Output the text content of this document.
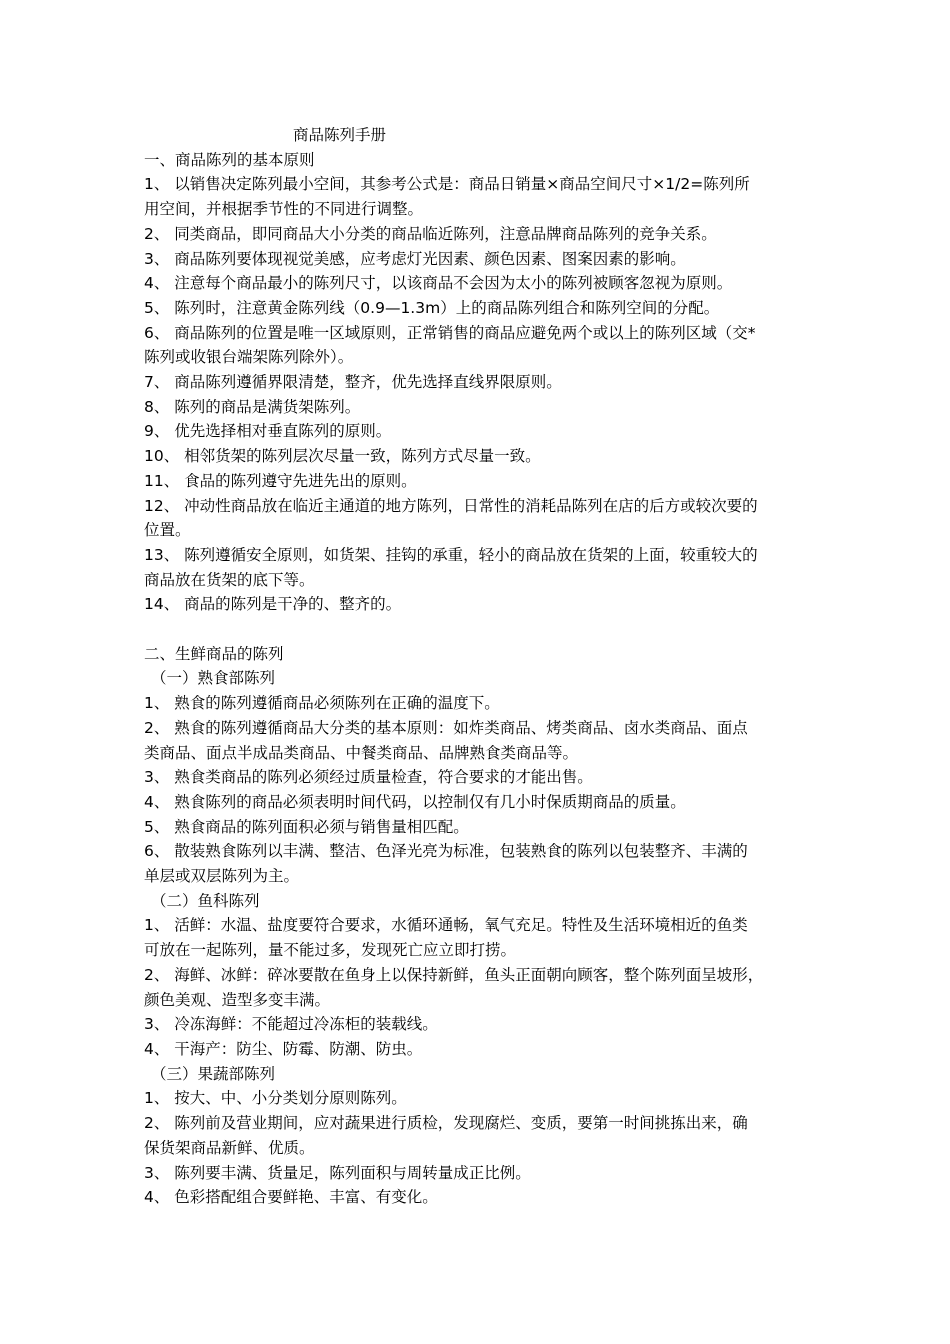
商品陈列手册

一、商品陈列的基本原则

1、 以销售决定陈列最小空间，其参考公式是：商品日销量×商品空间尺寸×1/2=陈列所

用空间，并根据季节性的不同进行调整。

2、 同类商品，即同商品大小分类的商品临近陈列，注意品牌商品陈列的竞争关系。

3、 商品陈列要体现视觉美感，应考虑灯光因素、颜色因素、图案因素的影响。

4、 注意每个商品最小的陈列尺寸，以该商品不会因为太小的陈列被顾客忽视为原则。

5、 陈列时，注意黄金陈列线（0.9—1.3m）上的商品陈列组合和陈列空间的分配。

6、 商品陈列的位置是唯一区域原则，正常销售的商品应避免两个或以上的陈列区域（交*

陈列或收银台端架陈列除外）。

7、 商品陈列遵循界限清楚，整齐，优先选择直线界限原则。

8、 陈列的商品是满货架陈列。

9、 优先选择相对垂直陈列的原则。

10、 相邻货架的陈列层次尽量一致，陈列方式尽量一致。

11、 食品的陈列遵守先进先出的原则。

12、 冲动性商品放在临近主通道的地方陈列，日常性的消耗品陈列在店的后方或较次要的

位置。

13、 陈列遵循安全原则，如货架、挂钩的承重，轻小的商品放在货架的上面，较重较大的

商品放在货架的底下等。

14、 商品的陈列是干净的、整齐的。

二、生鲜商品的陈列

（一）熟食部陈列

1、 熟食的陈列遵循商品必须陈列在正确的温度下。

2、 熟食的陈列遵循商品大分类的基本原则：如炸类商品、烤类商品、卤水类商品、面点

类商品、面点半成品类商品、中餐类商品、品牌熟食类商品等。

3、 熟食类商品的陈列必须经过质量检查，符合要求的才能出售。

4、 熟食陈列的商品必须表明时间代码，以控制仅有几小时保质期商品的质量。

5、 熟食商品的陈列面积必须与销售量相匹配。

6、 散装熟食陈列以丰满、整洁、色泽光亮为标准，包装熟食的陈列以包装整齐、丰满的

单层或双层陈列为主。

（二）鱼科陈列

1、 活鲜：水温、盐度要符合要求，水循环通畅，氧气充足。特性及生活环境相近的鱼类

可放在一起陈列，量不能过多，发现死亡应立即打捞。

2、 海鲜、冰鲜：碎冰要散在鱼身上以保持新鲜，鱼头正面朝向顾客，整个陈列面呈坡形，

颜色美观、造型多变丰满。

3、 冷冻海鲜：不能超过冷冻柜的装载线。

4、 干海产：防尘、防霉、防潮、防虫。

（三）果蔬部陈列

1、 按大、中、小分类划分原则陈列。

2、 陈列前及营业期间，应对蔬果进行质检，发现腐烂、变质，要第一时间挑拣出来，确

保货架商品新鲜、优质。

3、 陈列要丰满、货量足，陈列面积与周转量成正比例。

4、 色彩搭配组合要鲜艳、丰富、有变化。
